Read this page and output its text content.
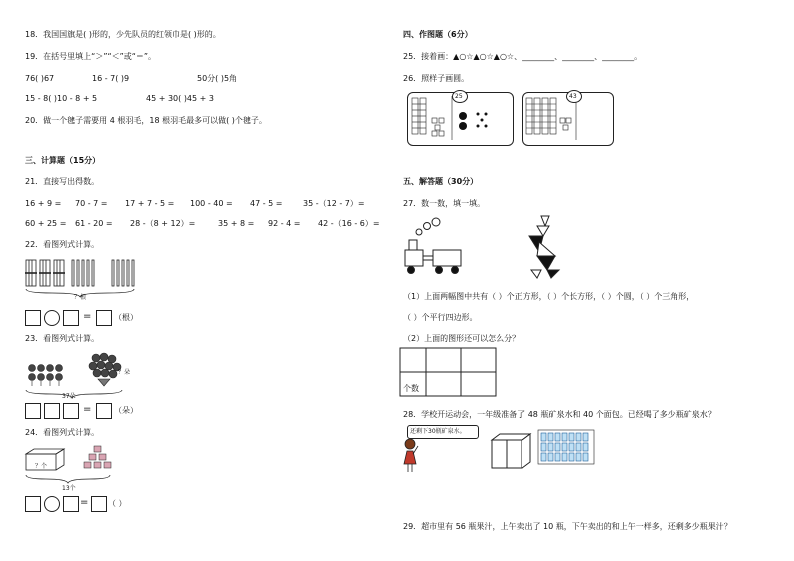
18．我国国旗是( )形的，少先队员的红领巾是( )形的。
19．在括号里填上“＞”“＜”或“＝”。
76( )67	16 - 7( )9	50分( )5角
15 - 8( )10 - 8 + 5	45 + 30( )45 + 3
20．做一个毽子需要用 4 根羽毛，18 根羽毛最多可以做( )个毽子。
三、计算题（15分）
21．直接写出得数。
16 + 9 = 70 - 7 = 17 + 7 - 5 = 100 - 40 = 47 - 5 =	35 -（12 - 7）=
60 + 25 = 61 - 20 = 28 -（8 + 12）=	35 + 8 = 92 - 4 = 42 -（16 - 6）=
22．看图列式计算。
？根
=	（根）
23．看图列式计算。
？朵
37朵
=	（朵）
24．看图列式计算。
？个
13个
= （ ）
四、作图题（6分）
25．接着画：▲○☆▲○☆▲○☆、________、________、________。
26．照样子画圆。
25	43
五、解答题（30分）
27．数一数，填一填。
（1）上面两幅图中共有（ ）个正方形，（ ）个长方形，（ ）个圆，（ ）个三角形，
（ ）个平行四边形。
（2）上面的图形还可以怎么分？
个数
28．学校开运动会，一年级准备了 48 瓶矿泉水和 40 个面包。已经喝了多少瓶矿泉水？
还剩下30瓶矿泉水。
29．超市里有 56 瓶果汁，上午卖出了 10 瓶，下午卖出的和上午一样多，还剩多少瓶果汁？
